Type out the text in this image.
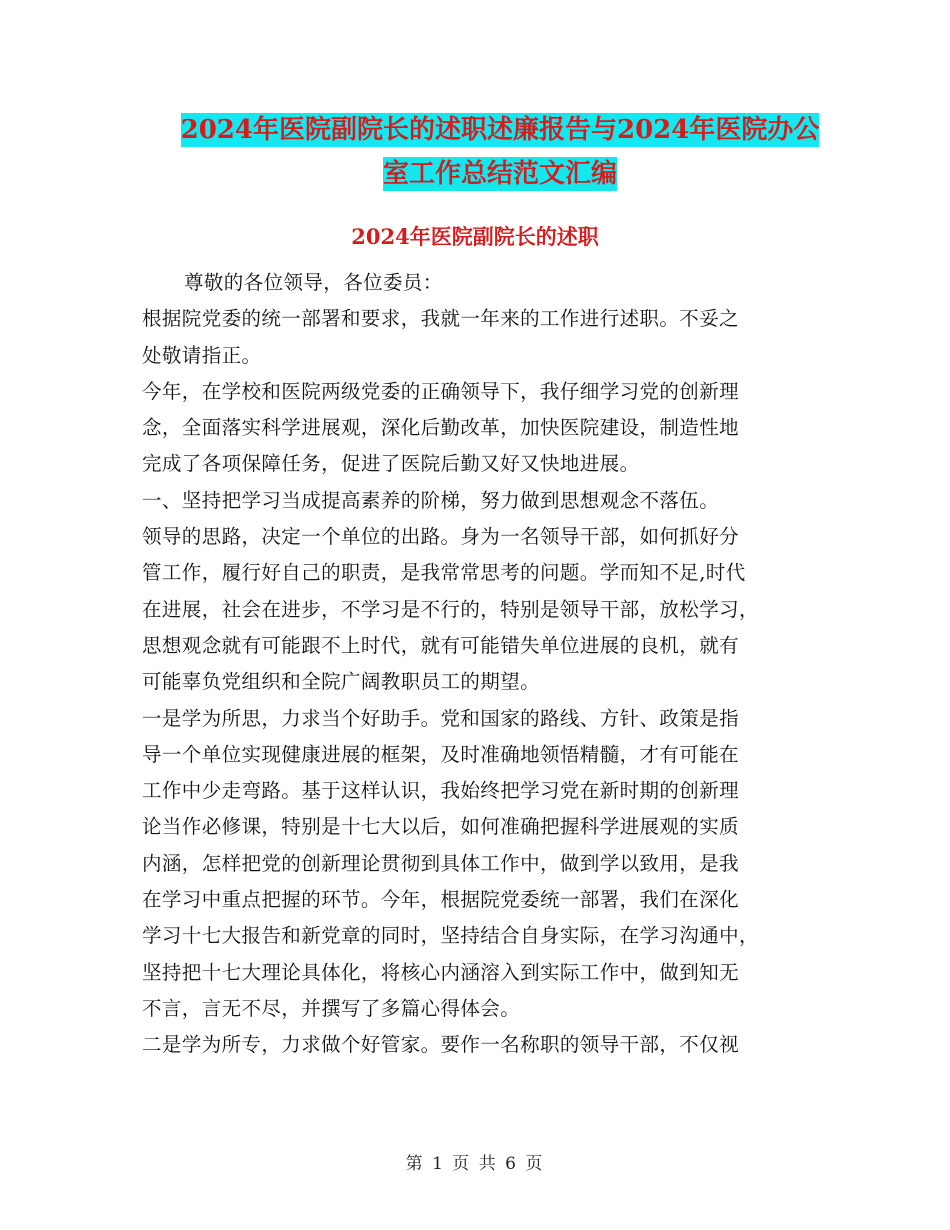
2024年医院副院长的述职述廉报告与2024年医院办公
室工作总结范文汇编
2024年医院副院长的述职

尊敬的各位领导，各位委员：

根据院党委的统一部署和要求，我就一年来的工作进行述职。不妥之

处敬请指正。

今年，在学校和医院两级党委的正确领导下，我仔细学习党的创新理

念，全面落实科学进展观，深化后勤改革，加快医院建设，制造性地

完成了各项保障任务，促进了医院后勤又好又快地进展。

一、坚持把学习当成提高素养的阶梯，努力做到思想观念不落伍。

领导的思路，决定一个单位的出路。身为一名领导干部，如何抓好分

管工作，履行好自己的职责，是我常常思考的问题。学而知不足,时代

在进展，社会在进步，不学习是不行的，特别是领导干部，放松学习，

思想观念就有可能跟不上时代，就有可能错失单位进展的良机，就有

可能辜负党组织和全院广阔教职员工的期望。

一是学为所思，力求当个好助手。党和国家的路线、方针、政策是指

导一个单位实现健康进展的框架，及时准确地领悟精髓，才有可能在

工作中少走弯路。基于这样认识，我始终把学习党在新时期的创新理

论当作必修课，特别是十七大以后，如何准确把握科学进展观的实质

内涵，怎样把党的创新理论贯彻到具体工作中，做到学以致用，是我

在学习中重点把握的环节。今年，根据院党委统一部署，我们在深化

学习十七大报告和新党章的同时，坚持结合自身实际，在学习沟通中，

坚持把十七大理论具体化，将核心内涵溶入到实际工作中，做到知无

不言，言无不尽，并撰写了多篇心得体会。

二是学为所专，力求做个好管家。要作一名称职的领导干部，不仅视

第 1 页 共 6 页
